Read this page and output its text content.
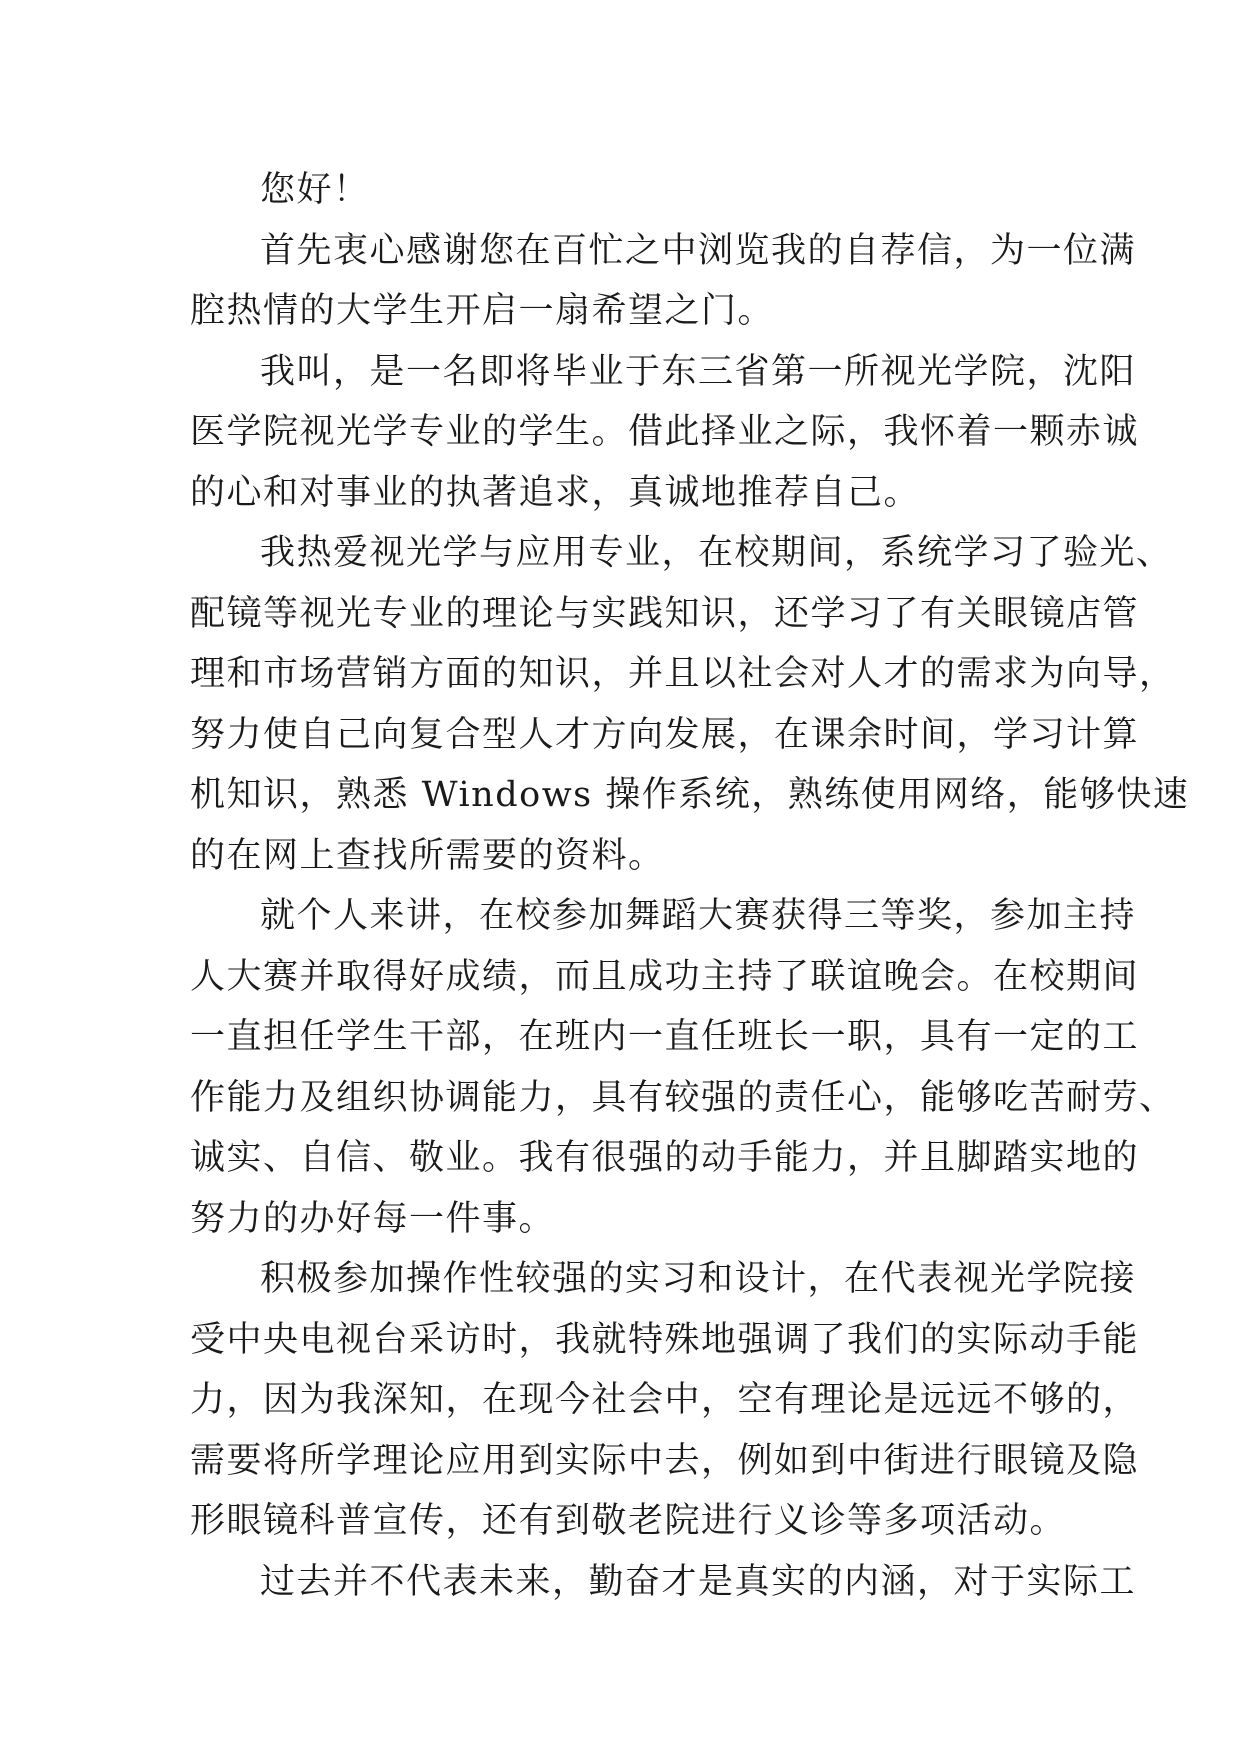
您好！
首先衷心感谢您在百忙之中浏览我的自荐信，为一位满
腔热情的大学生开启一扇希望之门。
我叫，是一名即将毕业于东三省第一所视光学院，沈阳
医学院视光学专业的学生。借此择业之际，我怀着一颗赤诚
的心和对事业的执著追求，真诚地推荐自己。
我热爱视光学与应用专业，在校期间，系统学习了验光、
配镜等视光专业的理论与实践知识，还学习了有关眼镜店管
理和市场营销方面的知识，并且以社会对人才的需求为向导，
努力使自己向复合型人才方向发展，在课余时间，学习计算
机知识，熟悉 Windows 操作系统，熟练使用网络，能够快速
的在网上查找所需要的资料。
就个人来讲，在校参加舞蹈大赛获得三等奖，参加主持
人大赛并取得好成绩，而且成功主持了联谊晚会。在校期间
一直担任学生干部，在班内一直任班长一职，具有一定的工
作能力及组织协调能力，具有较强的责任心，能够吃苦耐劳、
诚实、自信、敬业。我有很强的动手能力，并且脚踏实地的
努力的办好每一件事。
积极参加操作性较强的实习和设计，在代表视光学院接
受中央电视台采访时，我就特殊地强调了我们的实际动手能
力，因为我深知，在现今社会中，空有理论是远远不够的，
需要将所学理论应用到实际中去，例如到中街进行眼镜及隐
形眼镜科普宣传，还有到敬老院进行义诊等多项活动。
过去并不代表未来，勤奋才是真实的内涵，对于实际工
